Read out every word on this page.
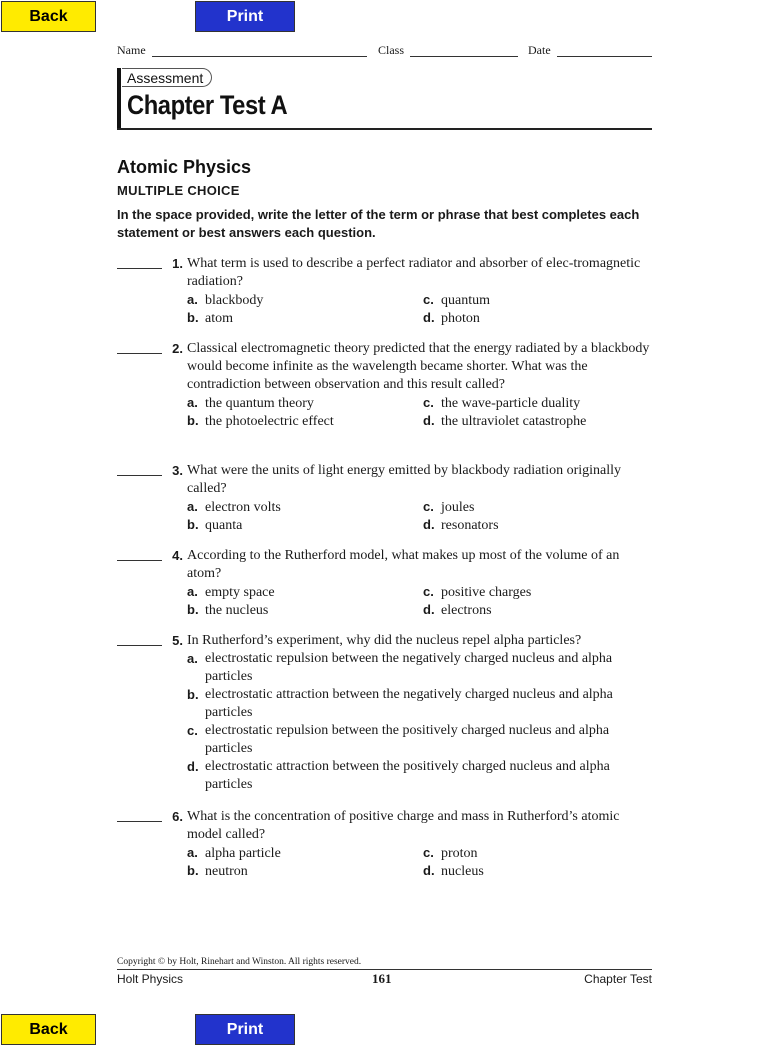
Back	Print
Name	Class	Date
Assessment
Chapter Test A
Atomic Physics
MULTIPLE CHOICE
In the space provided, write the letter of the term or phrase that best completes each statement or best answers each question.
1. What term is used to describe a perfect radiator and absorber of elec-tromagnetic radiation?
a. blackbody	c. quantum
b. atom	d. photon
2. Classical electromagnetic theory predicted that the energy radiated by a blackbody would become infinite as the wavelength became shorter. What was the contradiction between observation and this result called?
a. the quantum theory	c. the wave-particle duality
b. the photoelectric effect	d. the ultraviolet catastrophe
3. What were the units of light energy emitted by blackbody radiation originally called?
a. electron volts	c. joules
b. quanta	d. resonators
4. According to the Rutherford model, what makes up most of the volume of an atom?
a. empty space	c. positive charges
b. the nucleus	d. electrons
5. In Rutherford’s experiment, why did the nucleus repel alpha particles?
a. electrostatic repulsion between the negatively charged nucleus and alpha particles
b. electrostatic attraction between the negatively charged nucleus and alpha particles
c. electrostatic repulsion between the positively charged nucleus and alpha particles
d. electrostatic attraction between the positively charged nucleus and alpha particles
6. What is the concentration of positive charge and mass in Rutherford’s atomic model called?
a. alpha particle	c. proton
b. neutron	d. nucleus
Copyright © by Holt, Rinehart and Winston. All rights reserved.
Holt Physics	161	Chapter Test
Back	Print
